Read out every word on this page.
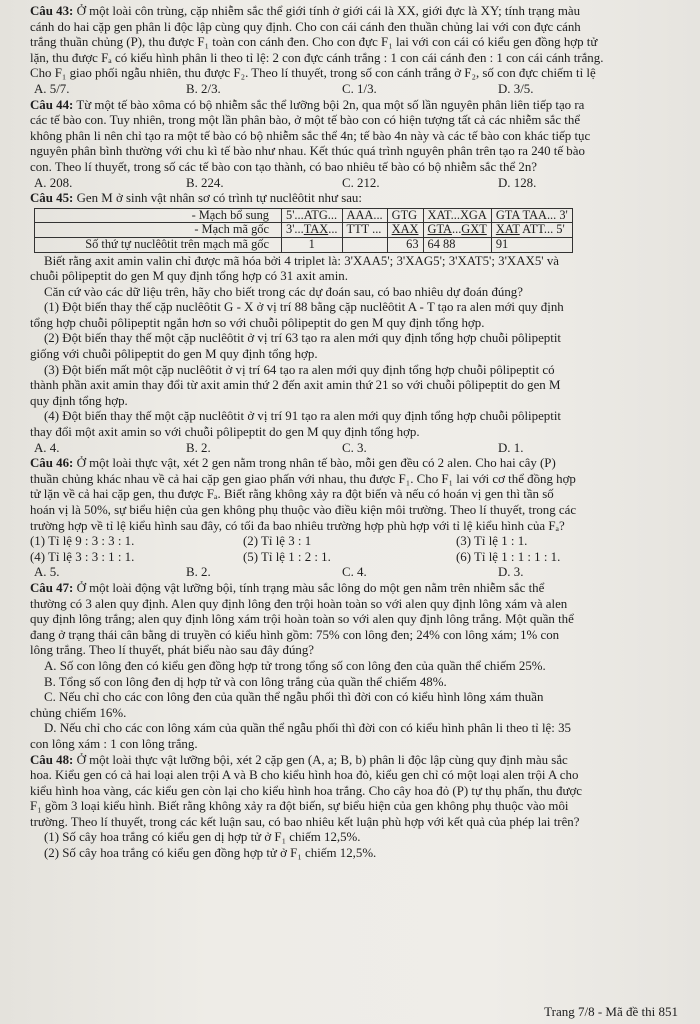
Câu 43: Ở một loài côn trùng, cặp nhiễm sắc thể giới tính ở giới cái là XX, giới đực là XY; tính trạng màu

cánh do hai cặp gen phân li độc lập cùng quy định. Cho con cái cánh đen thuần chủng lai với con đực cánh

trắng thuần chủng (P), thu được F₁ toàn con cánh đen. Cho con đực F₁ lai với con cái có kiểu gen đồng hợp tử

lặn, thu được Fₐ có kiểu hình phân li theo tỉ lệ: 2 con đực cánh trắng : 1 con cái cánh đen : 1 con cái cánh trắng.

Cho F₁ giao phối ngẫu nhiên, thu được F₂. Theo lí thuyết, trong số con cánh trắng ở F₂, số con đực chiếm tỉ lệ

A. 5/7.	B. 2/3.	C. 1/3.	D. 3/5.

Câu 44: Từ một tế bào xôma có bộ nhiễm sắc thể lưỡng bội 2n, qua một số lần nguyên phân liên tiếp tạo ra

các tế bào con. Tuy nhiên, trong một lần phân bào, ở một tế bào con có hiện tượng tất cả các nhiễm sắc thể

không phân li nên chỉ tạo ra một tế bào có bộ nhiễm sắc thể 4n; tế bào 4n này và các tế bào con khác tiếp tục

nguyên phân bình thường với chu kì tế bào như nhau. Kết thúc quá trình nguyên phân trên tạo ra 240 tế bào

con. Theo lí thuyết, trong số các tế bào con tạo thành, có bao nhiêu tế bào có bộ nhiễm sắc thể 2n?

A. 208.	B. 224.	C. 212.	D. 128.

Câu 45: Gen M ở sinh vật nhân sơ có trình tự nuclêôtit như sau:

- Mạch bổ sung	5'...ATG...	AAA...	GTG	XAT...XGA	GTA TAA... 3'
- Mạch mã gốc	3'...TAX...	TTT ...	XAX	GTA...GXT	XAT ATT... 5'
Số thứ tự nuclêôtit trên mạch mã gốc	1		63	64 88	91

Biết rằng axit amin valin chỉ được mã hóa bởi 4 triplet là: 3'XAA5'; 3'XAG5'; 3'XAT5'; 3'XAX5' và

chuỗi pôlipeptit do gen M quy định tổng hợp có 31 axit amin.

Căn cứ vào các dữ liệu trên, hãy cho biết trong các dự đoán sau, có bao nhiêu dự đoán đúng?

(1) Đột biến thay thế cặp nuclêôtit G - X ở vị trí 88 bằng cặp nuclêôtit A - T tạo ra alen mới quy định

tổng hợp chuỗi pôlipeptit ngắn hơn so với chuỗi pôlipeptit do gen M quy định tổng hợp.

(2) Đột biến thay thế một cặp nuclêôtit ở vị trí 63 tạo ra alen mới quy định tổng hợp chuỗi pôlipeptit

giống với chuỗi pôlipeptit do gen M quy định tổng hợp.

(3) Đột biến mất một cặp nuclêôtit ở vị trí 64 tạo ra alen mới quy định tổng hợp chuỗi pôlipeptit có

thành phần axit amin thay đổi từ axit amin thứ 2 đến axit amin thứ 21 so với chuỗi pôlipeptit do gen M

quy định tổng hợp.

(4) Đột biến thay thế một cặp nuclêôtit ở vị trí 91 tạo ra alen mới quy định tổng hợp chuỗi pôlipeptit

thay đổi một axit amin so với chuỗi pôlipeptit do gen M quy định tổng hợp.

A. 4.	B. 2.	C. 3.	D. 1.

Câu 46: Ở một loài thực vật, xét 2 gen nằm trong nhân tế bào, mỗi gen đều có 2 alen. Cho hai cây (P)

thuần chủng khác nhau về cả hai cặp gen giao phấn với nhau, thu được F₁. Cho F₁ lai với cơ thể đồng hợp

tử lặn về cả hai cặp gen, thu được Fₐ. Biết rằng không xảy ra đột biến và nếu có hoán vị gen thì tần số

hoán vị là 50%, sự biểu hiện của gen không phụ thuộc vào điều kiện môi trường. Theo lí thuyết, trong các

trường hợp về tỉ lệ kiểu hình sau đây, có tối đa bao nhiêu trường hợp phù hợp với tỉ lệ kiểu hình của Fₐ?

(1) Tỉ lệ 9 : 3 : 3 : 1.	(2) Tỉ lệ 3 : 1	(3) Tỉ lệ 1 : 1.
(4) Tỉ lệ 3 : 3 : 1 : 1.	(5) Tỉ lệ 1 : 2 : 1.	(6) Tỉ lệ 1 : 1 : 1 : 1.
A. 5.	B. 2.	C. 4.	D. 3.

Câu 47: Ở một loài động vật lưỡng bội, tính trạng màu sắc lông do một gen nằm trên nhiễm sắc thể

thường có 3 alen quy định. Alen quy định lông đen trội hoàn toàn so với alen quy định lông xám và alen

quy định lông trắng; alen quy định lông xám trội hoàn toàn so với alen quy định lông trắng. Một quần thể

đang ở trạng thái cân bằng di truyền có kiểu hình gồm: 75% con lông đen; 24% con lông xám; 1% con

lông trắng. Theo lí thuyết, phát biểu nào sau đây đúng?

A. Số con lông đen có kiểu gen đồng hợp tử trong tổng số con lông đen của quần thể chiếm 25%.

B. Tổng số con lông đen dị hợp tử và con lông trắng của quần thể chiếm 48%.

C. Nếu chỉ cho các con lông đen của quần thể ngẫu phối thì đời con có kiểu hình lông xám thuần

chủng chiếm 16%.

D. Nếu chỉ cho các con lông xám của quần thể ngẫu phối thì đời con có kiểu hình phân li theo tỉ lệ: 35

con lông xám : 1 con lông trắng.

Câu 48: Ở một loài thực vật lưỡng bội, xét 2 cặp gen (A, a; B, b) phân li độc lập cùng quy định màu sắc

hoa. Kiểu gen có cả hai loại alen trội A và B cho kiểu hình hoa đỏ, kiểu gen chỉ có một loại alen trội A cho

kiểu hình hoa vàng, các kiểu gen còn lại cho kiểu hình hoa trắng. Cho cây hoa đỏ (P) tự thụ phấn, thu được

F₁ gồm 3 loại kiểu hình. Biết rằng không xảy ra đột biến, sự biểu hiện của gen không phụ thuộc vào môi

trường. Theo lí thuyết, trong các kết luận sau, có bao nhiêu kết luận phù hợp với kết quả của phép lai trên?

(1) Số cây hoa trắng có kiểu gen dị hợp tử ở F₁ chiếm 12,5%.

(2) Số cây hoa trắng có kiểu gen đồng hợp tử ở F₁ chiếm 12,5%.

Trang 7/8 - Mã đề thi 851
